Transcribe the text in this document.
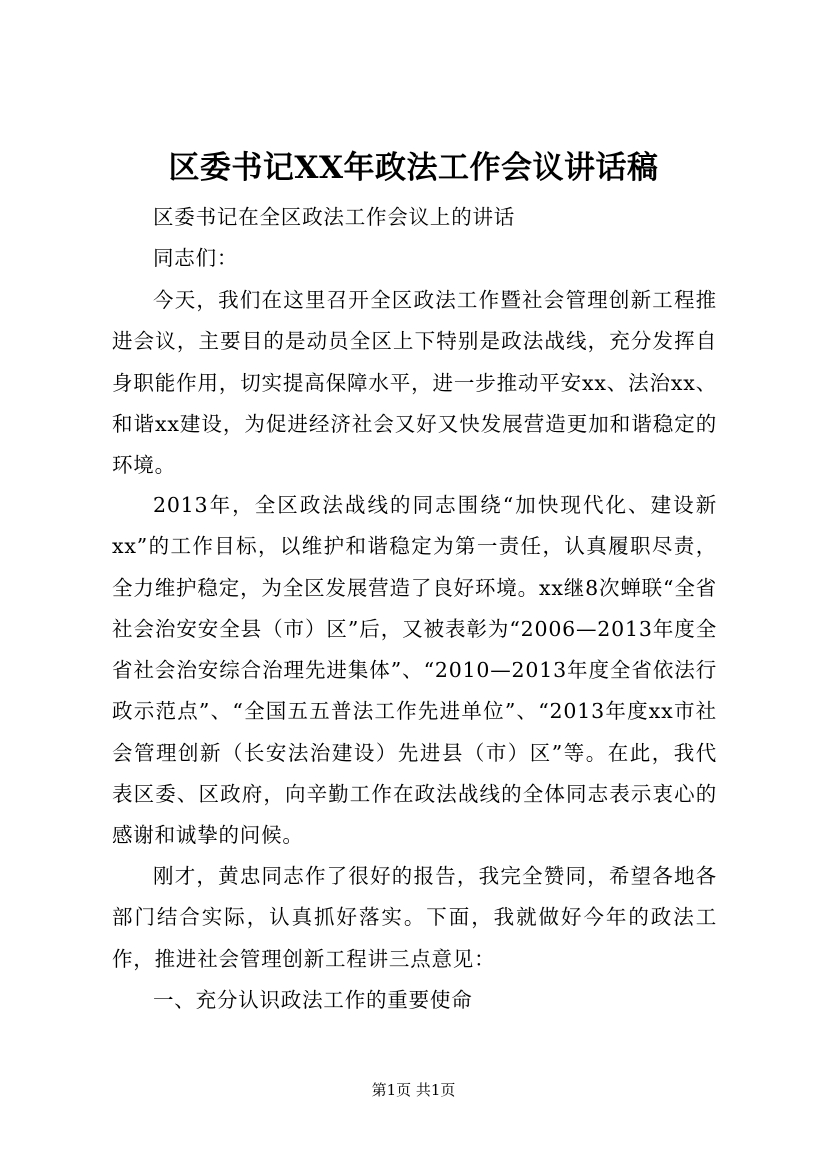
区委书记XX年政法工作会议讲话稿

区委书记在全区政法工作会议上的讲话

同志们：

今天，我们在这里召开全区政法工作暨社会管理创新工程推进会议，主要目的是动员全区上下特别是政法战线，充分发挥自身职能作用，切实提高保障水平，进一步推动平安xx、法治xx、和谐xx建设，为促进经济社会又好又快发展营造更加和谐稳定的环境。

2013年，全区政法战线的同志围绕“加快现代化、建设新xx”的工作目标，以维护和谐稳定为第一责任，认真履职尽责，全力维护稳定，为全区发展营造了良好环境。xx继8次蝉联“全省社会治安安全县（市）区”后，又被表彰为“2006—2013年度全省社会治安综合治理先进集体”、“2010—2013年度全省依法行政示范点”、“全国五五普法工作先进单位”、“2013年度xx市社会管理创新（长安法治建设）先进县（市）区”等。在此，我代表区委、区政府，向辛勤工作在政法战线的全体同志表示衷心的感谢和诚挚的问候。

刚才，黄忠同志作了很好的报告，我完全赞同，希望各地各部门结合实际，认真抓好落实。下面，我就做好今年的政法工作，推进社会管理创新工程讲三点意见：

一、充分认识政法工作的重要使命

第1页 共1页
